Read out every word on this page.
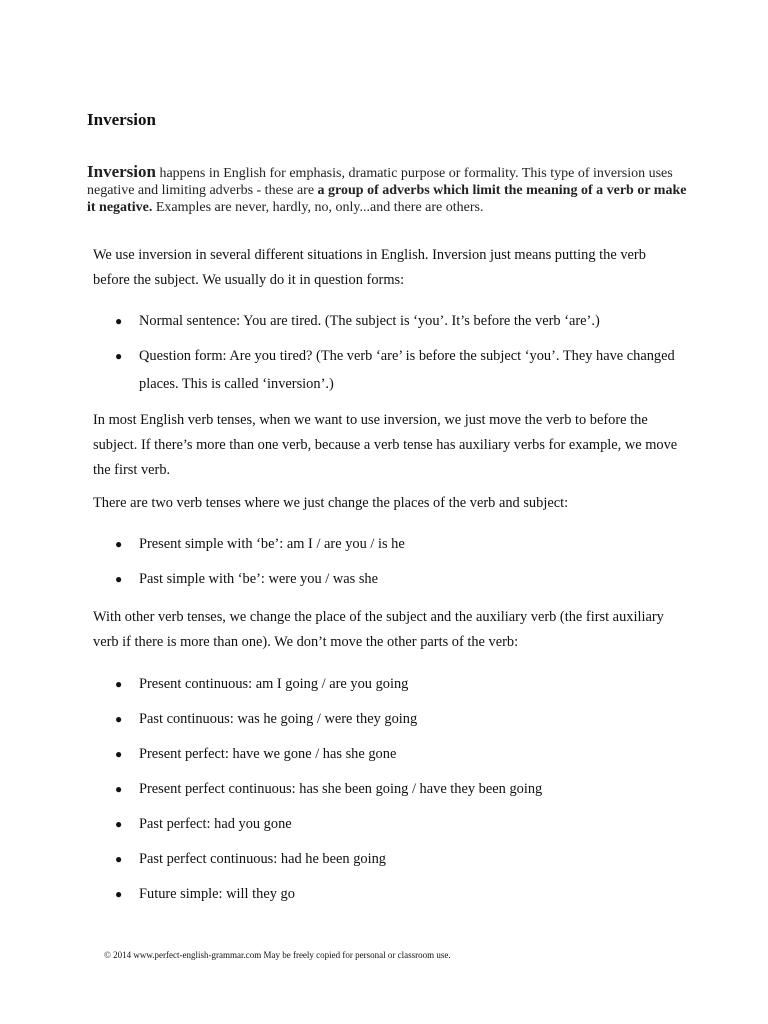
Inversion

Inversion happens in English for emphasis, dramatic purpose or formality. This type of inversion uses negative and limiting adverbs - these are a group of adverbs which limit the meaning of a verb or make it negative. Examples are never, hardly, no, only...and there are others.

We use inversion in several different situations in English. Inversion just means putting the verb before the subject. We usually do it in question forms:

● Normal sentence: You are tired. (The subject is ‘you’. It’s before the verb ‘are’.)
● Question form: Are you tired? (The verb ‘are’ is before the subject ‘you’. They have changed places. This is called ‘inversion’.)

In most English verb tenses, when we want to use inversion, we just move the verb to before the subject. If there’s more than one verb, because a verb tense has auxiliary verbs for example, we move the first verb.

There are two verb tenses where we just change the places of the verb and subject:

● Present simple with ‘be’: am I / are you / is he
● Past simple with ‘be’: were you / was she

With other verb tenses, we change the place of the subject and the auxiliary verb (the first auxiliary verb if there is more than one). We don’t move the other parts of the verb:

● Present continuous: am I going / are you going
● Past continuous: was he going / were they going
● Present perfect: have we gone / has she gone
● Present perfect continuous: has she been going / have they been going
● Past perfect: had you gone
● Past perfect continuous: had he been going
● Future simple: will they go

© 2014 www.perfect-english-grammar.com May be freely copied for personal or classroom use.
